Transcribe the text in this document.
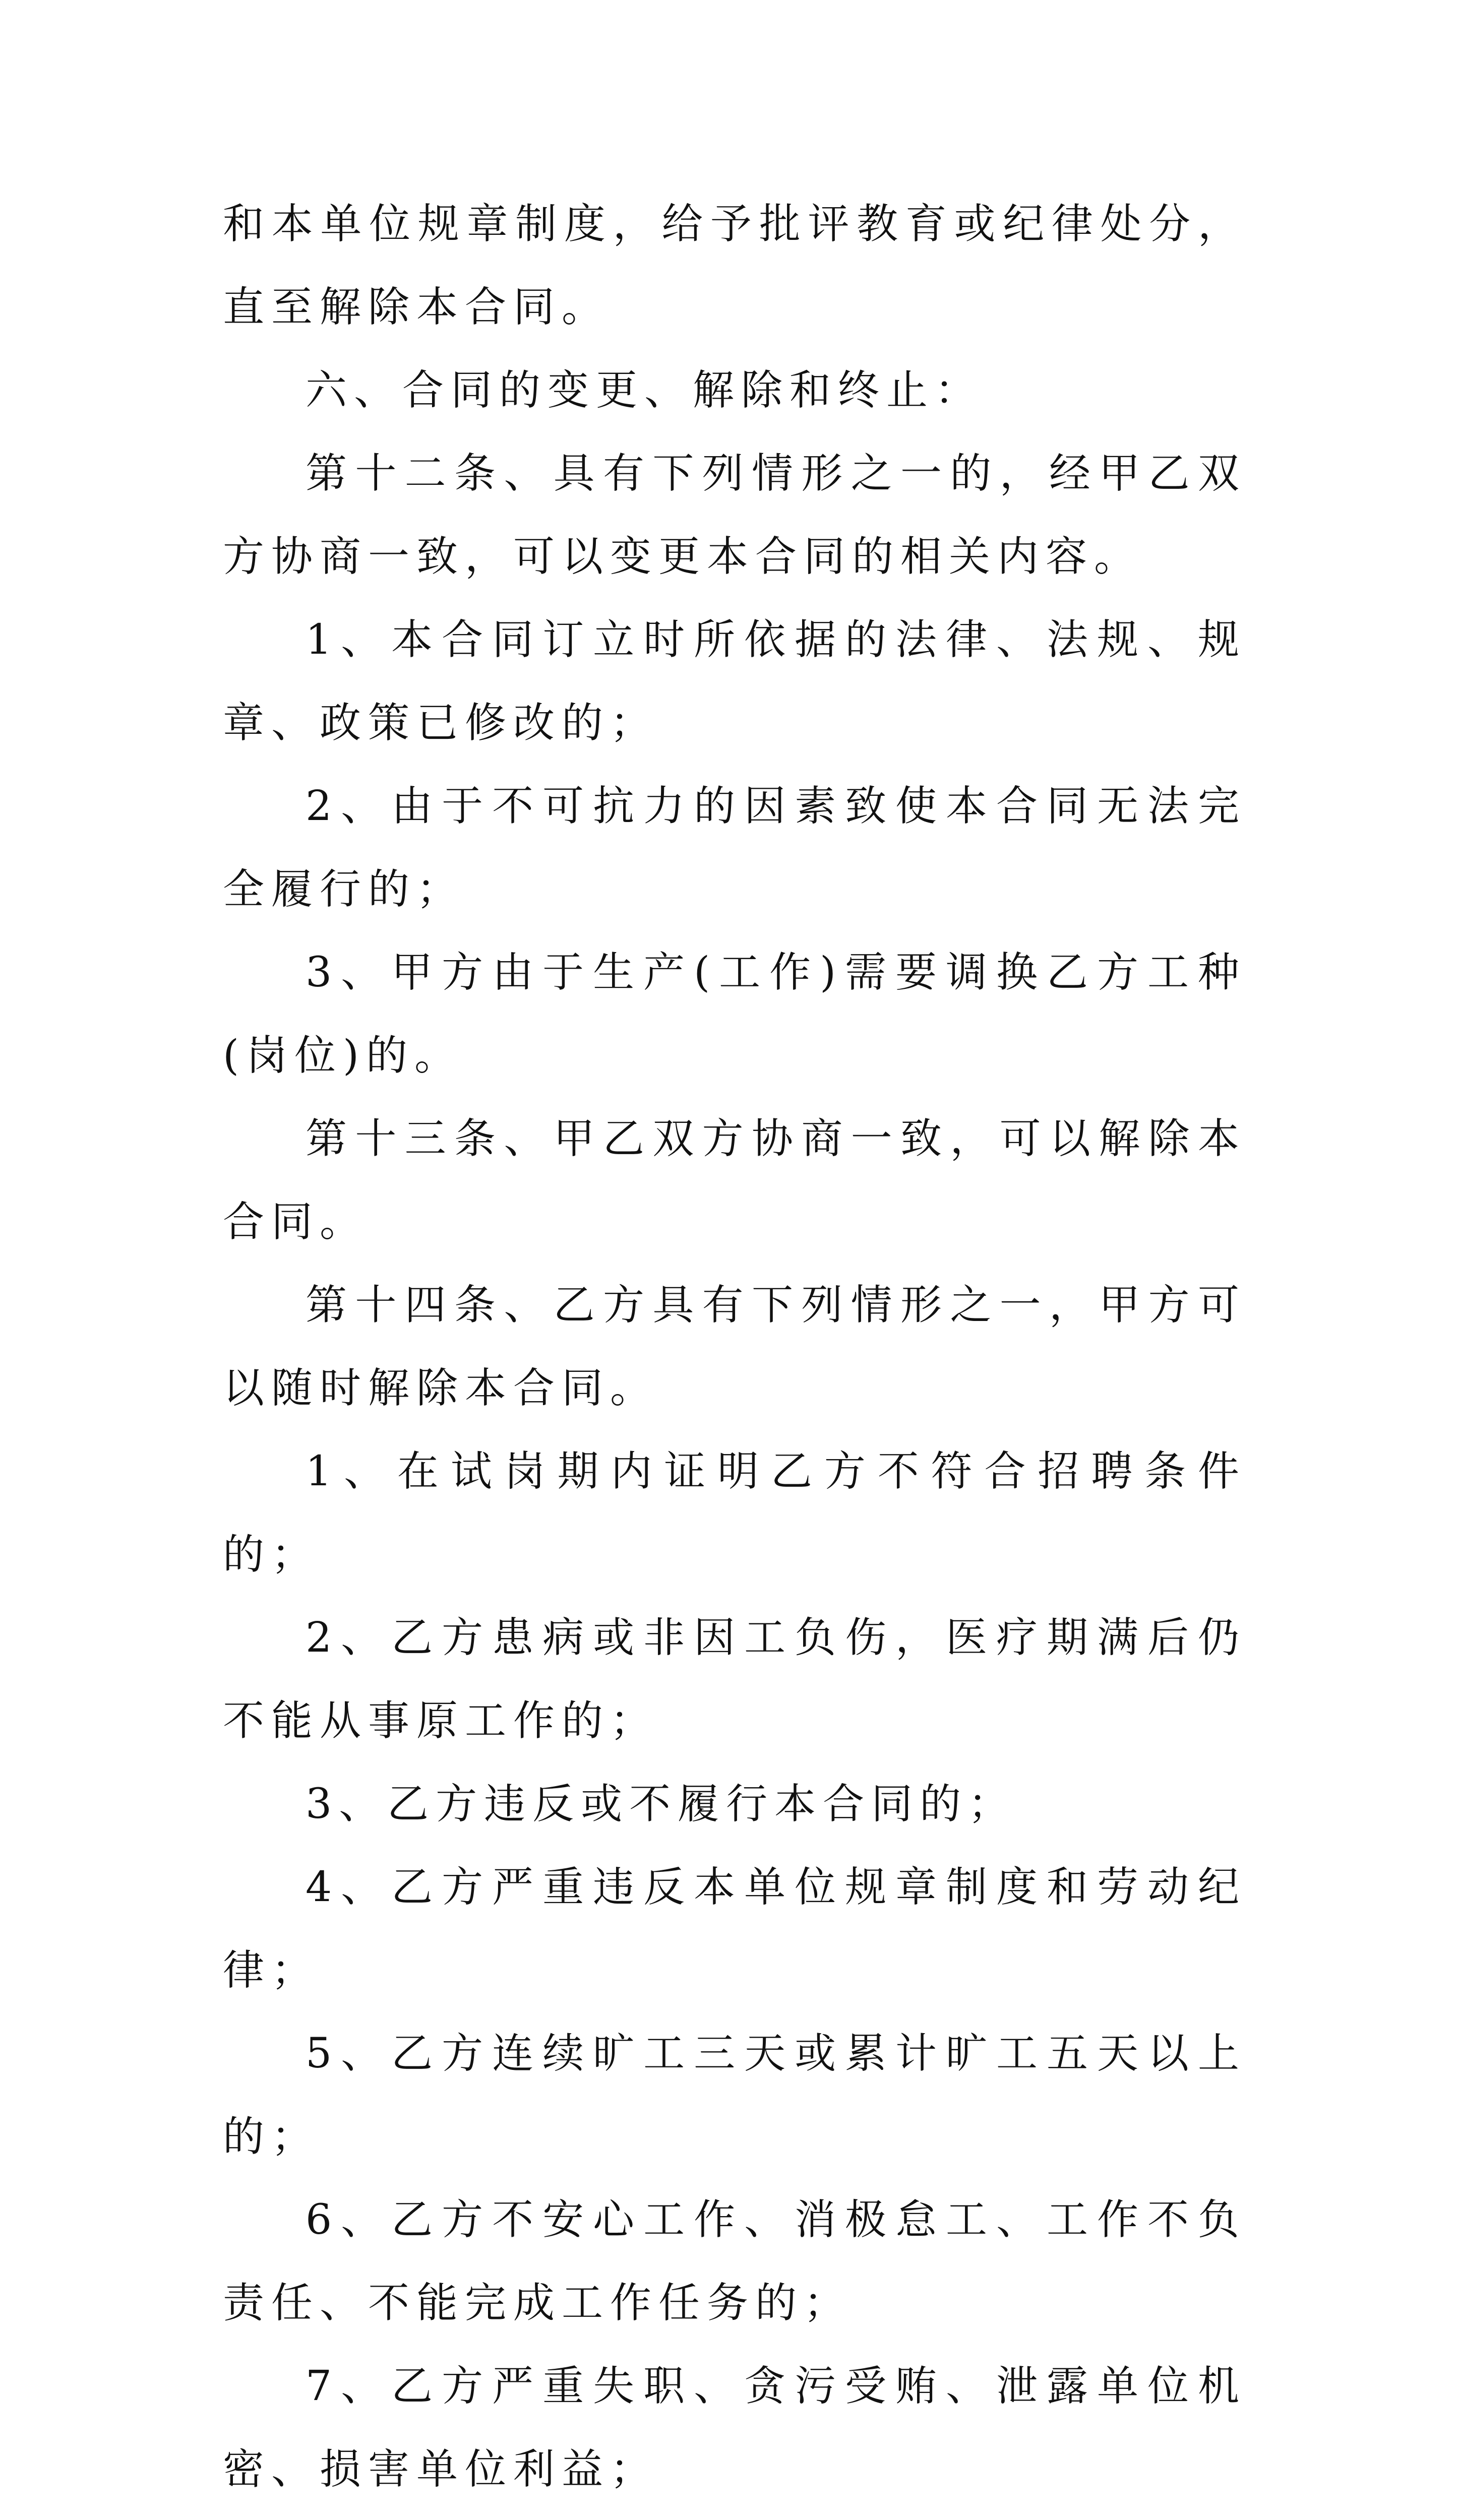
和本单位规章制度，给予批评教育或纪律处分，直至解除本合同。

六、合同的变更、解除和终止：

第十二条、具有下列情形之一的，经甲乙双方协商一致，可以变更本合同的相关内容。

1、本合同订立时所依据的法律、法规、规章、政策已修改的；

2、由于不可抗力的因素致使本合同无法完全履行的；

3、甲方由于生产(工作)需要调换乙方工种(岗位)的。

第十三条、甲乙双方协商一致，可以解除本合同。

第十四条、乙方具有下列情形之一，甲方可以随时解除本合同。

1、在试岗期内证明乙方不符合招聘条件的；

2、乙方患病或非因工负伤，医疗期满后仍不能从事原工作的；

3、乙方违反或不履行本合同的；

4、乙方严重违反本单位规章制度和劳动纪律；

5、乙方连续旷工三天或累计旷工五天以上的；

6、乙方不安心工作、消极怠工、工作不负责任、不能完成工作任务的；

7、乙方严重失职、贪污受贿、泄露单位机密、损害单位利益；
